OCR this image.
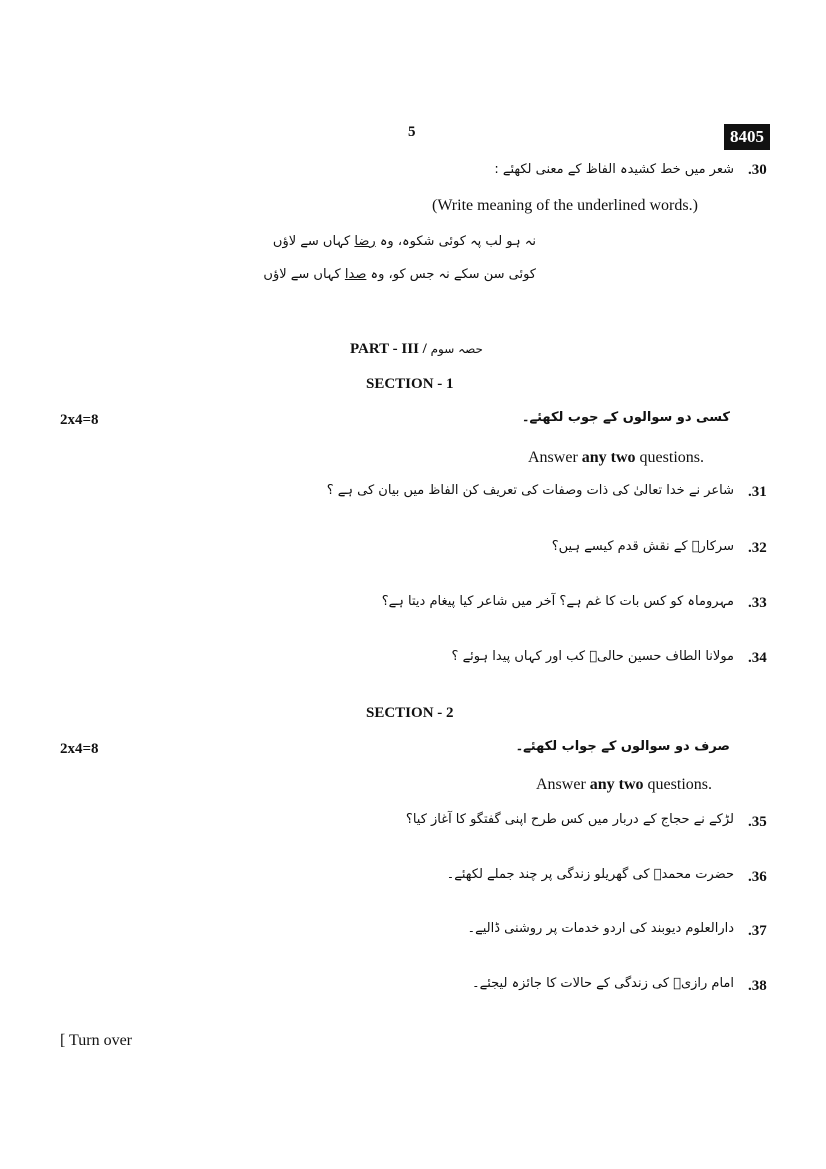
5	8405
.30
شعر میں خط کشیدہ الفاظ کے معنی لکھئے :
(Write meaning of the underlined words.)
نہ ہو لب پہ کوئی شکوہ، وہ رضا کہاں سے لاؤں
کوئی سن سکے نہ جس کو، وہ صدا کہاں سے لاؤں
PART - III / حصہ سوم
SECTION - 1
2x4=8	کسی دو سوالوں کے جوب لکھئے۔
Answer any two questions.
.31
شاعر نے خدا تعالیٰ کی ذات وصفات کی تعریف کن الفاظ میں بیان کی ہے ؟
.32
سرکارؐ کے نقش قدم کیسے ہیں؟
.33
مہروماہ کو کس بات کا غم ہے؟ آخر میں شاعر کیا پیغام دیتا ہے؟
.34
مولانا الطاف حسین حالیؔ کب اور کہاں پیدا ہوئے ؟
SECTION - 2
2x4=8	صرف دو سوالوں کے جواب لکھئے۔
Answer any two questions.
.35
لڑکے نے حجاج کے دربار میں کس طرح اپنی گفتگو کا آغاز کیا؟
.36
حضرت محمدؐ کی گھریلو زندگی پر چند جملے لکھئے۔
.37
دارالعلوم دیوبند کی اردو خدمات پر روشنی ڈالیے۔
.38
امام رازیؒ کی زندگی کے حالات کا جائزہ لیجئے۔
[ Turn over
